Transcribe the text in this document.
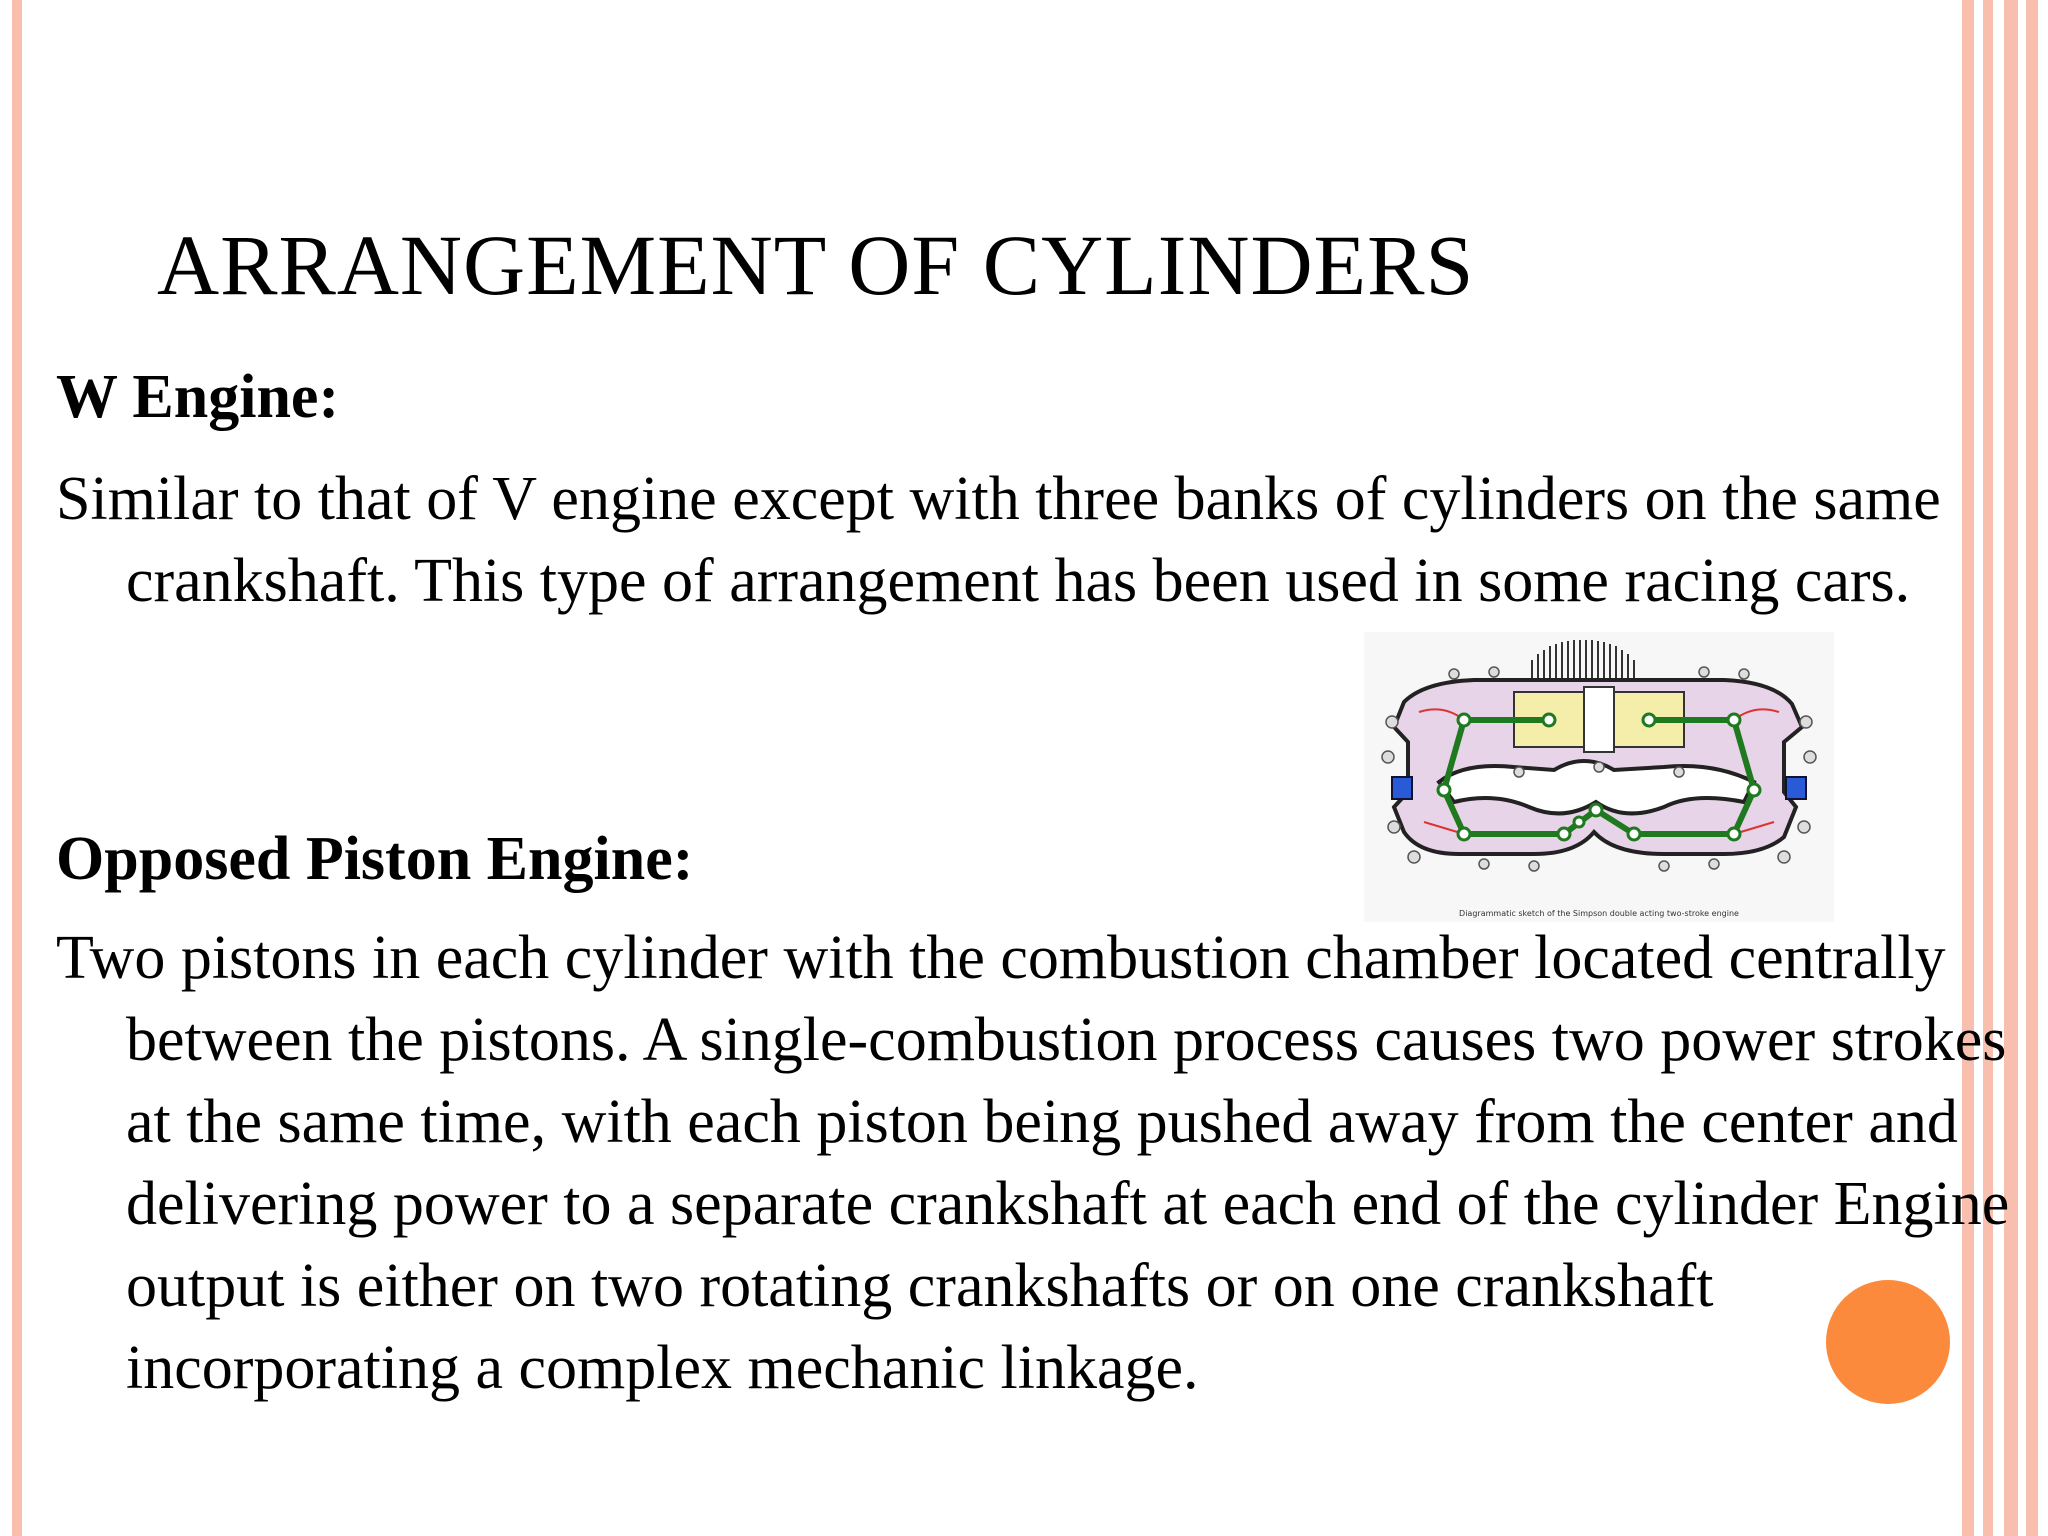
ARRANGEMENT OF CYLINDERS
W Engine:

Similar to that of V engine except with three banks of cylinders on the same crankshaft. This type of arrangement has been used in some racing cars.

Diagrammatic sketch of the Simpson double acting two-stroke engine
Opposed Piston Engine:

Two pistons in each cylinder with the combustion chamber located centrally between the pistons. A single-combustion process causes two power strokes at the same time, with each piston being pushed away from the center and delivering power to a separate crankshaft at each end of the cylinder Engine output is either on two rotating crankshafts or on one crankshaft incorporating a complex mechanic linkage.
